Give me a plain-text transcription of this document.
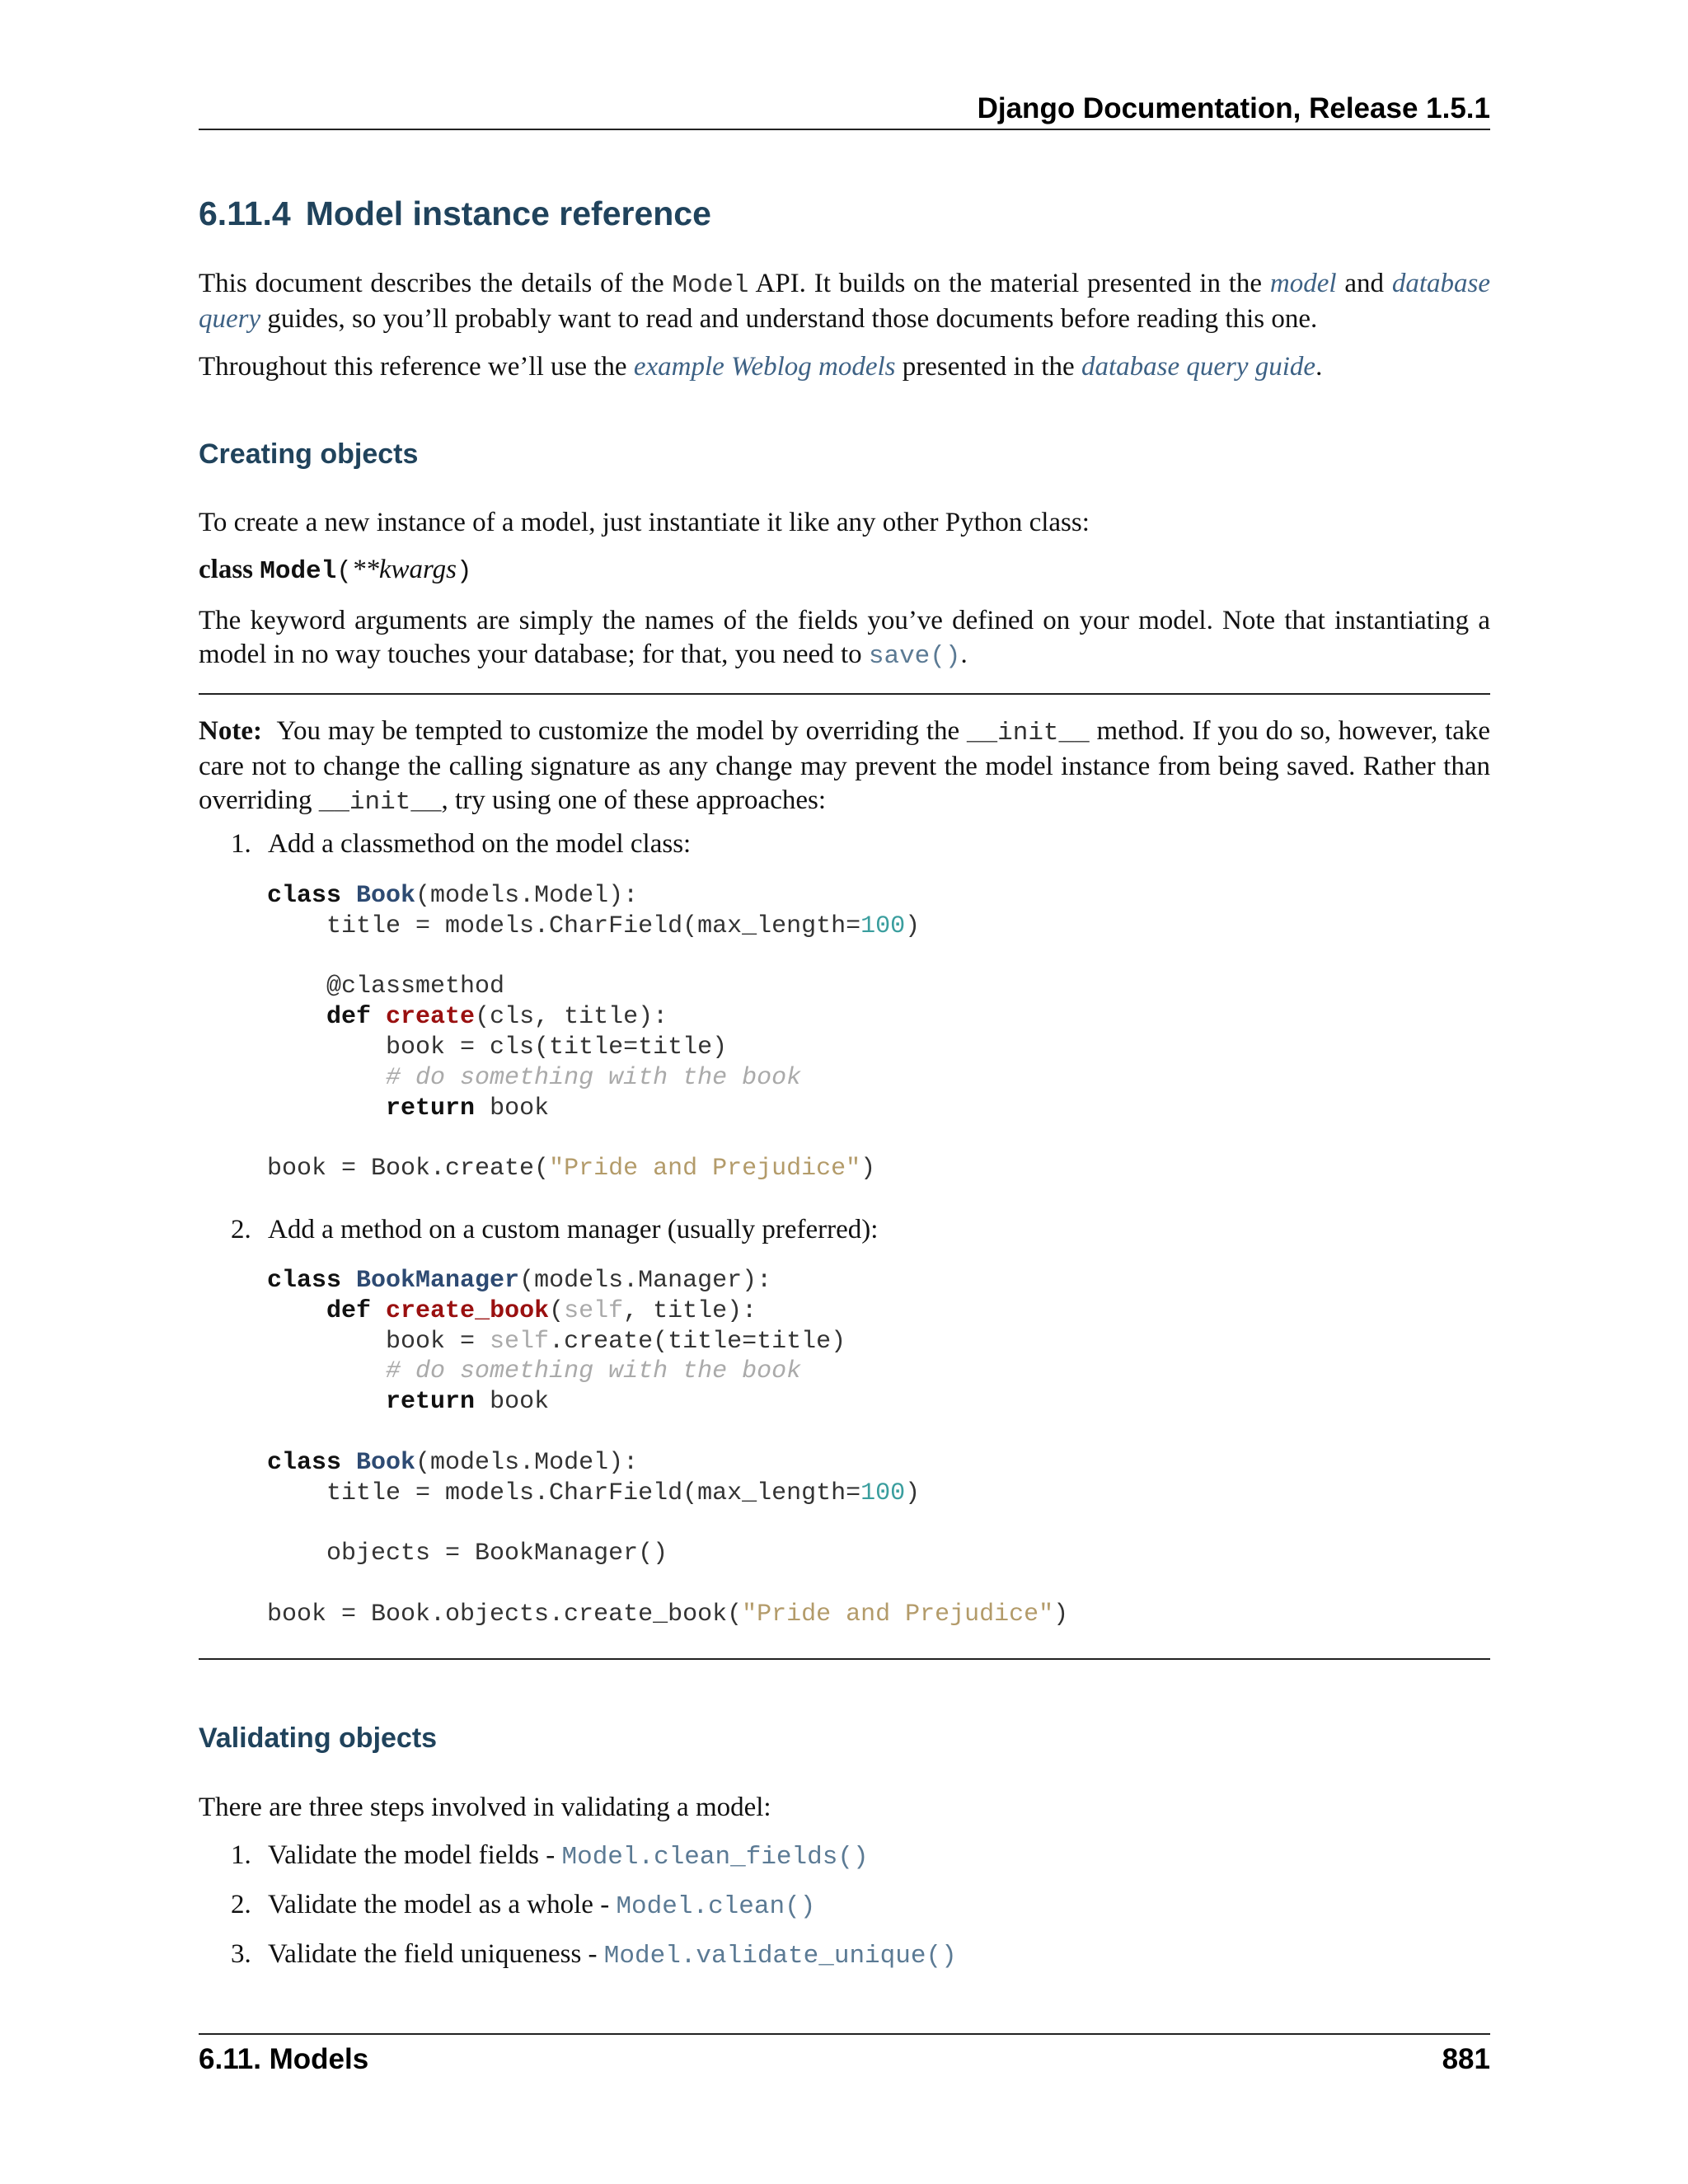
Django Documentation, Release 1.5.1
6.11.4 Model instance reference
This document describes the details of the Model API. It builds on the material presented in the model and database query guides, so you’ll probably want to read and understand those documents before reading this one.
Throughout this reference we’ll use the example Weblog models presented in the database query guide.
Creating objects
To create a new instance of a model, just instantiate it like any other Python class:
class Model(**kwargs)
The keyword arguments are simply the names of the fields you’ve defined on your model. Note that instantiating a model in no way touches your database; for that, you need to save().
Note: You may be tempted to customize the model by overriding the __init__ method. If you do so, however, take care not to change the calling signature as any change may prevent the model instance from being saved. Rather than overriding __init__, try using one of these approaches:
1. Add a classmethod on the model class:
class Book(models.Model):
title = models.CharField(max_length=100)

@classmethod
def create(cls, title):
book = cls(title=title)
# do something with the book
return book

book = Book.create("Pride and Prejudice")
2. Add a method on a custom manager (usually preferred):
class BookManager(models.Manager):
def create_book(self, title):
book = self.create(title=title)
# do something with the book
return book

class Book(models.Model):
title = models.CharField(max_length=100)

objects = BookManager()

book = Book.objects.create_book("Pride and Prejudice")
Validating objects
There are three steps involved in validating a model:
1. Validate the model fields - Model.clean_fields()
2. Validate the model as a whole - Model.clean()
3. Validate the field uniqueness - Model.validate_unique()
6.11. Models	881
